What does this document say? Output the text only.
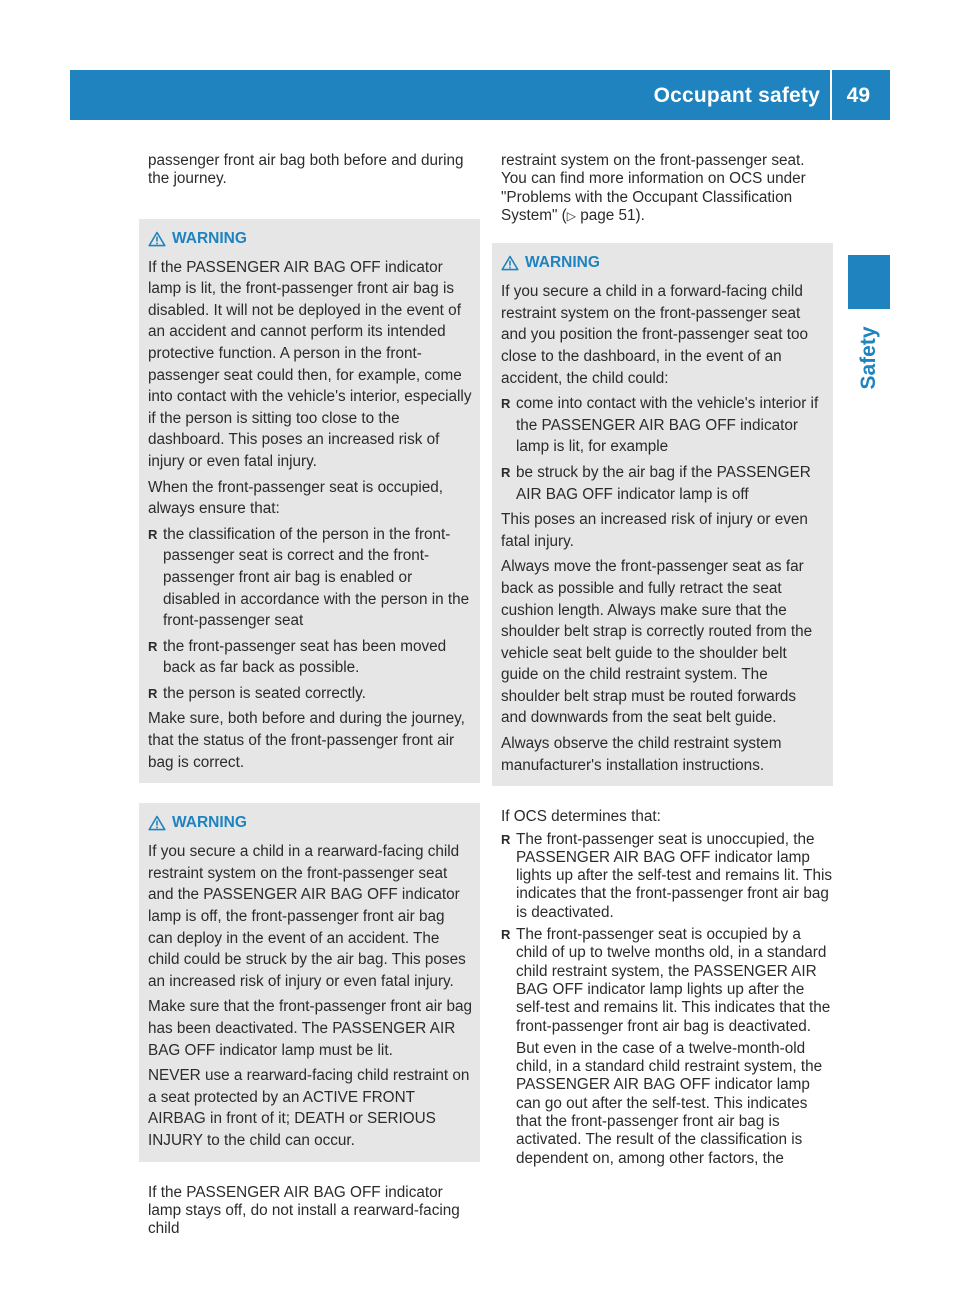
Occupant safety 49
Safety

passenger front air bag both before and during the journey.

WARNING

If the PASSENGER AIR BAG OFF indicator lamp is lit, the front-passenger front air bag is disabled. It will not be deployed in the event of an accident and cannot perform its intended protective function. A person in the front-passenger seat could then, for example, come into contact with the vehicle's interior, especially if the person is sitting too close to the dashboard. This poses an increased risk of injury or even fatal injury.

When the front-passenger seat is occupied, always ensure that:

R the classification of the person in the front-passenger seat is correct and the front-passenger front air bag is enabled or disabled in accordance with the person in the front-passenger seat
R the front-passenger seat has been moved back as far back as possible.
R the person is seated correctly.

Make sure, both before and during the journey, that the status of the front-passenger front air bag is correct.

WARNING

If you secure a child in a rearward-facing child restraint system on the front-passenger seat and the PASSENGER AIR BAG OFF indicator lamp is off, the front-passenger front air bag can deploy in the event of an accident. The child could be struck by the air bag. This poses an increased risk of injury or even fatal injury.

Make sure that the front-passenger front air bag has been deactivated. The PASSENGER AIR BAG OFF indicator lamp must be lit.

NEVER use a rearward-facing child restraint on a seat protected by an ACTIVE FRONT AIRBAG in front of it; DEATH or SERIOUS INJURY to the child can occur.

If the PASSENGER AIR BAG OFF indicator lamp stays off, do not install a rearward-facing child

restraint system on the front-passenger seat. You can find more information on OCS under "Problems with the Occupant Classification System" (▷ page 51).

WARNING

If you secure a child in a forward-facing child restraint system on the front-passenger seat and you position the front-passenger seat too close to the dashboard, in the event of an accident, the child could:

R come into contact with the vehicle's interior if the PASSENGER AIR BAG OFF indicator lamp is lit, for example
R be struck by the air bag if the PASSENGER AIR BAG OFF indicator lamp is off

This poses an increased risk of injury or even fatal injury.

Always move the front-passenger seat as far back as possible and fully retract the seat cushion length. Always make sure that the shoulder belt strap is correctly routed from the vehicle seat belt guide to the shoulder belt guide on the child restraint system. The shoulder belt strap must be routed forwards and downwards from the seat belt guide.

Always observe the child restraint system manufacturer's installation instructions.

If OCS determines that:

R The front-passenger seat is unoccupied, the PASSENGER AIR BAG OFF indicator lamp lights up after the self-test and remains lit. This indicates that the front-passenger front air bag is deactivated.
R The front-passenger seat is occupied by a child of up to twelve months old, in a standard child restraint system, the PASSENGER AIR BAG OFF indicator lamp lights up after the self-test and remains lit. This indicates that the front-passenger front air bag is deactivated.
But even in the case of a twelve-month-old child, in a standard child restraint system, the PASSENGER AIR BAG OFF indicator lamp can go out after the self-test. This indicates that the front-passenger front air bag is activated. The result of the classification is dependent on, among other factors, the
